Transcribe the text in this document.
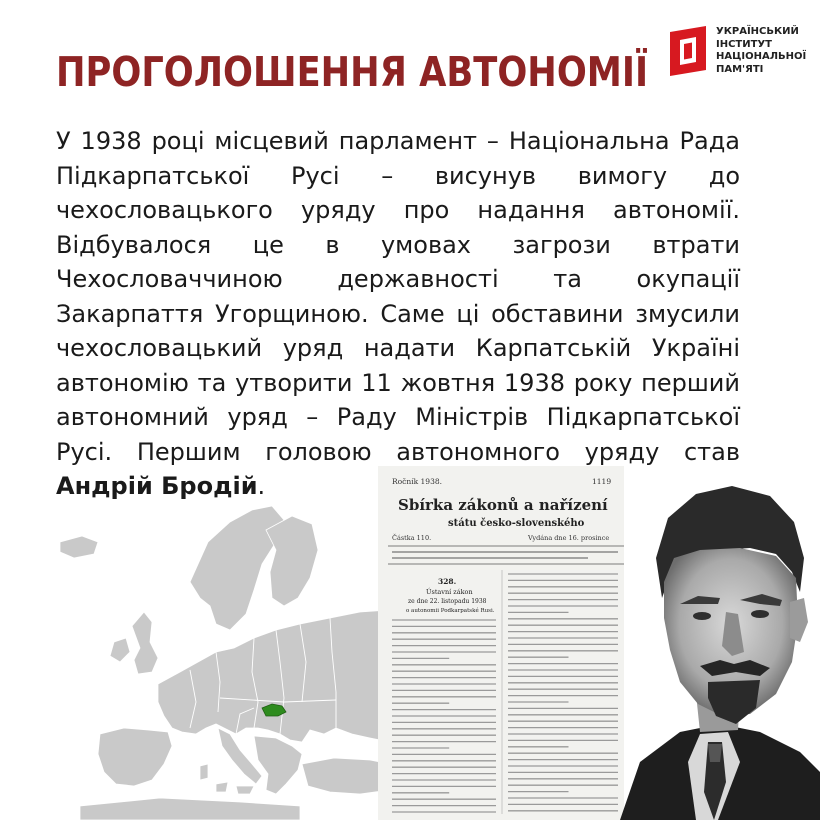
ПРОГОЛОШЕННЯ АВТОНОМІЇ
УКРАЇНСЬКИЙ
ІНСТИТУТ
НАЦІОНАЛЬНОЇ
ПАМ'ЯТІ

У 1938 році місцевий парламент – Національна Рада Підкарпатської Русі – висунув вимогу до чехословацького уряду про надання автономії. Відбувалося це в умовах загрози втрати Чехословаччиною державності та окупації Закарпаття Угорщиною. Саме ці обставини змусили чехословацький уряд надати Карпатській Україні автономію та утворити 11 жовтня 1938 року перший автономний уряд – Раду Міністрів Підкарпатської Русі. Першим головою автономного уряду став Андрій Бродій.	Ročník 1938.	1119
Sbírka zákonů a nařízení
státu česko-slovenského
Částka 110.	Vydána dne 16. prosince
328.
Ústavní zákon
ze dne 22. listopadu 1938
o autonomii Podkarpatské Rusi.
